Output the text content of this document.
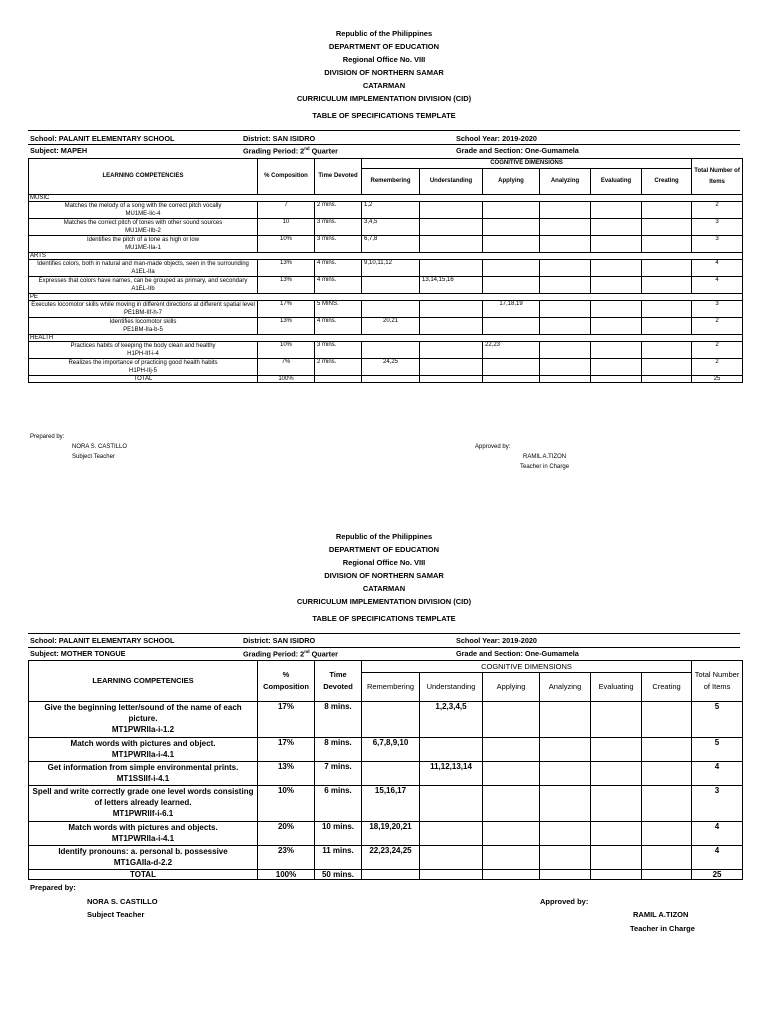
Republic of the Philippines
DEPARTMENT OF EDUCATION
Regional Office No. VIII
DIVISION OF NORTHERN SAMAR
CATARMAN
CURRICULUM IMPLEMENTATION DIVISION (CID)
TABLE OF SPECIFICATIONS TEMPLATE
School: PALANIT ELEMENTARY SCHOOL	District: SAN ISIDRO	School Year: 2019-2020
Subject: MAPEH	Grading Period: 2nd Quarter	Grade and Section: One-Gumamela
LEARNING COMPETENCIES	% Composition	Time Devoted	COGNITIVE DIMENSIONS						Total Number of Items
			Remembering	Understanding	Applying	Analyzing	Evaluating	Creating	
MUSIC									
Matches the melody of a song with the correct pitch vocally
MU1ME-Iic-4	7	2 mins.	1,2						2
Matches the correct pitch of tones with other sound sources
MU1ME-IIb-2	10	3 mins.	3,4,5						3
Identifies the pitch of a tone as high or low
MU1ME-IIa-1	10%	3 mins.	6,7,8						3
ARTS									
Identifies colors, both in natural and man-made objects, seen in the surrounding
A1EL-IIa	13%	4 mins.	9,10,11,12						4
Expresses that colors have names, can be grouped as primary, and secondary
A1EL-IIb	13%	4 mins.		13,14,15,16					4
PE									
Executes locomotor skills while moving in different directions at different spatial level
PE1BM-IIf-h-7	17%	5 MINS.			17,18,19				3
Identifies locomotor skills
PE1BM-IIa-b-5	13%	4 mins.	20,21						2
HEALTH									
Practices habits of keeping the body clean and healthy
H1PH-IIf-i-4	10%	3 mins.			22,23				2
Realizes the importance of practicing good health habits
H1PH-IIj-5	7%	2 mins.	24,25						2
TOTAL	100%								25
Prepared by:
NORA S. CASTILLO
Subject Teacher
Approved by:
RAMIL A.TIZON
Teacher in Charge
Republic of the Philippines
DEPARTMENT OF EDUCATION
Regional Office No. VIII
DIVISION OF NORTHERN SAMAR
CATARMAN
CURRICULUM IMPLEMENTATION DIVISION (CID)
TABLE OF SPECIFICATIONS TEMPLATE
School: PALANIT ELEMENTARY SCHOOL	District: SAN ISIDRO	School Year: 2019-2020
Subject: MOTHER TONGUE	Grading Period: 2nd Quarter	Grade and Section: One-Gumamela
LEARNING COMPETENCIES	% Composition	Time Devoted	COGNITIVE DIMENSIONS						Total Number of Items
			Remembering	Understanding	Applying	Analyzing	Evaluating	Creating	
Give the beginning letter/sound of the name of each picture.
MT1PWRIIa-i-1.2	17%	8 mins.		1,2,3,4,5					5
Match words with pictures and object.
MT1PWRIIa-i-4.1	17%	8 mins.	6,7,8,9,10						5
Get information from simple environmental prints.
MT1SSIIf-i-4.1	13%	7 mins.		11,12,13,14					4
Spell and write correctly grade one level words consisting of letters already learned.
MT1PWRIIf-i-6.1	10%	6 mins.	15,16,17						3
Match words with pictures and objects.
MT1PWRIIa-i-4.1	20%	10 mins.	18,19,20,21						4
Identify pronouns: a. personal b. possessive
MT1GAIIa-d-2.2	23%	11 mins.	22,23,24,25						4
TOTAL	100%	50 mins.							25
Prepared by:
NORA S. CASTILLO
Subject Teacher
Approved by:
RAMIL A.TIZON
Teacher in Charge
